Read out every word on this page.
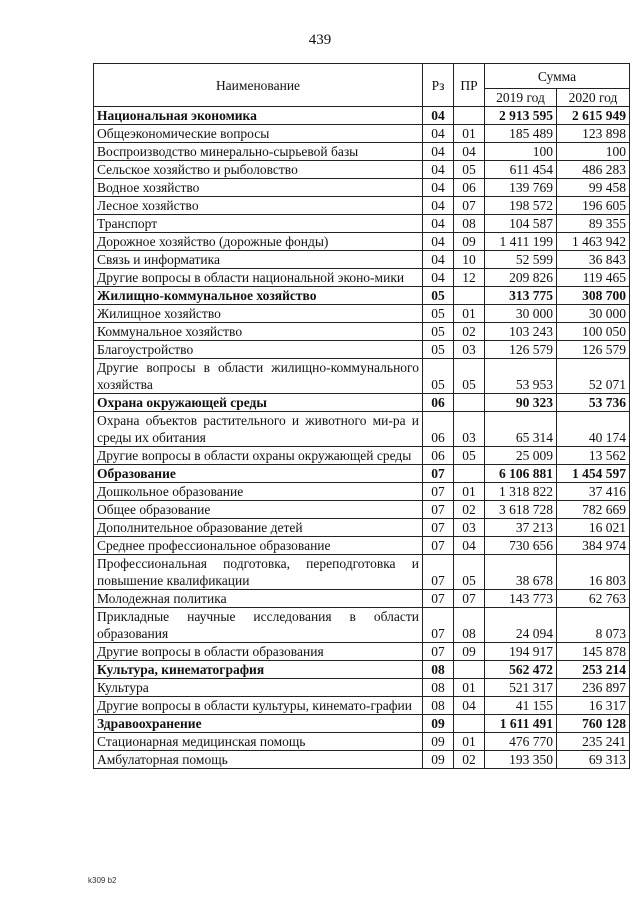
439
Наименование	Рз	ПР	Сумма	
			2019 год	2020 год
Национальная экономика	04		2 913 595	2 615 949
Общеэкономические вопросы	04	01	185 489	123 898
Воспроизводство минерально-сырьевой базы	04	04	100	100
Сельское хозяйство и рыболовство	04	05	611 454	486 283
Водное хозяйство	04	06	139 769	99 458
Лесное хозяйство	04	07	198 572	196 605
Транспорт	04	08	104 587	89 355
Дорожное хозяйство (дорожные фонды)	04	09	1 411 199	1 463 942
Связь и информатика	04	10	52 599	36 843
Другие вопросы в области национальной эконо-мики	04	12	209 826	119 465
Жилищно-коммунальное хозяйство	05		313 775	308 700
Жилищное хозяйство	05	01	30 000	30 000
Коммунальное хозяйство	05	02	103 243	100 050
Благоустройство	05	03	126 579	126 579
Другие вопросы в области жилищно-коммунального хозяйства	05	05	53 953	52 071
Охрана окружающей среды	06		90 323	53 736
Охрана объектов растительного и животного ми-ра и среды их обитания	06	03	65 314	40 174
Другие вопросы в области охраны окружающей среды	06	05	25 009	13 562
Образование	07		6 106 881	1 454 597
Дошкольное образование	07	01	1 318 822	37 416
Общее образование	07	02	3 618 728	782 669
Дополнительное образование детей	07	03	37 213	16 021
Среднее профессиональное образование	07	04	730 656	384 974
Профессиональная подготовка, переподготовка и повышение квалификации	07	05	38 678	16 803
Молодежная политика	07	07	143 773	62 763
Прикладные научные исследования в области образования	07	08	24 094	8 073
Другие вопросы в области образования	07	09	194 917	145 878
Культура, кинематография	08		562 472	253 214
Культура	08	01	521 317	236 897
Другие вопросы в области культуры, кинемато-графии	08	04	41 155	16 317
Здравоохранение	09		1 611 491	760 128
Стационарная медицинская помощь	09	01	476 770	235 241
Амбулаторная помощь	09	02	193 350	69 313
k309 b2
